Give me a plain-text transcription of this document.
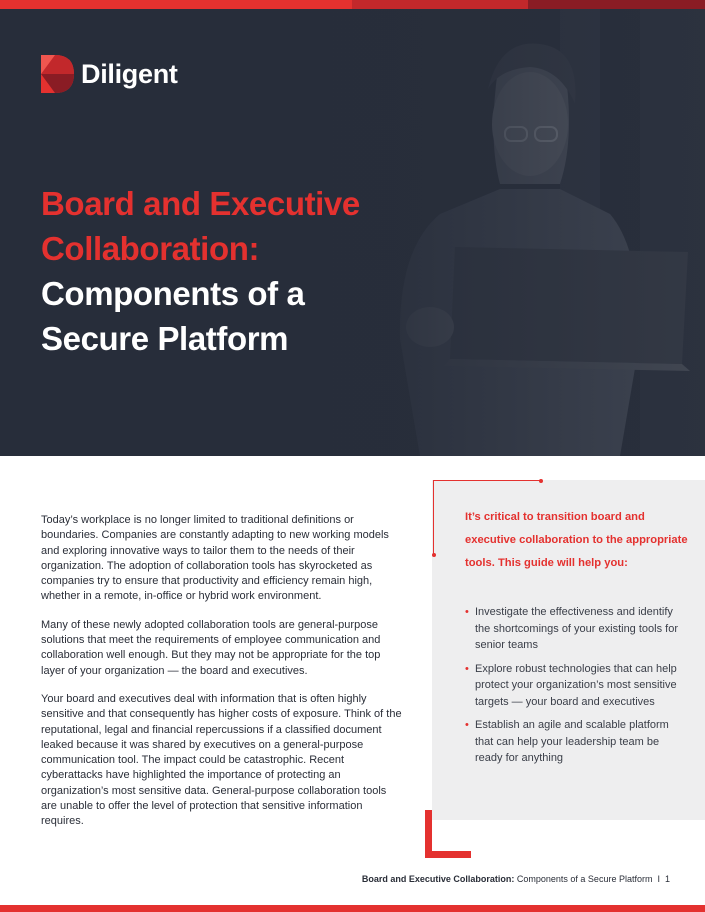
Diligent
Board and Executive
Collaboration:
Components of a
Secure Platform

Today’s workplace is no longer limited to traditional definitions or boundaries. Companies are constantly adapting to new working models and exploring innovative ways to tailor them to the needs of their organization. The adoption of collaboration tools has skyrocketed as companies try to ensure that productivity and efficiency remain high, whether in a remote, in-office or hybrid work environment.

Many of these newly adopted collaboration tools are general-purpose solutions that meet the requirements of employee communication and collaboration well enough. But they may not be appropriate for the top layer of your organization — the board and executives.

Your board and executives deal with information that is often highly sensitive and that consequently has higher costs of exposure. Think of the reputational, legal and financial repercussions if a classified document leaked because it was shared by executives on a general-purpose communication tool. The impact could be catastrophic. Recent cyberattacks have highlighted the importance of protecting an organization’s most sensitive data. General-purpose collaboration tools are unable to offer the level of protection that sensitive information requires.

It’s critical to transition board and executive collaboration to the appropriate tools. This guide will help you:

• Investigate the effectiveness and identify the shortcomings of your existing tools for senior teams
• Explore robust technologies that can help protect your organization’s most sensitive targets — your board and executives
• Establish an agile and scalable platform that can help your leadership team be ready for anything
Board and Executive Collaboration: Components of a Secure Platform I 1
